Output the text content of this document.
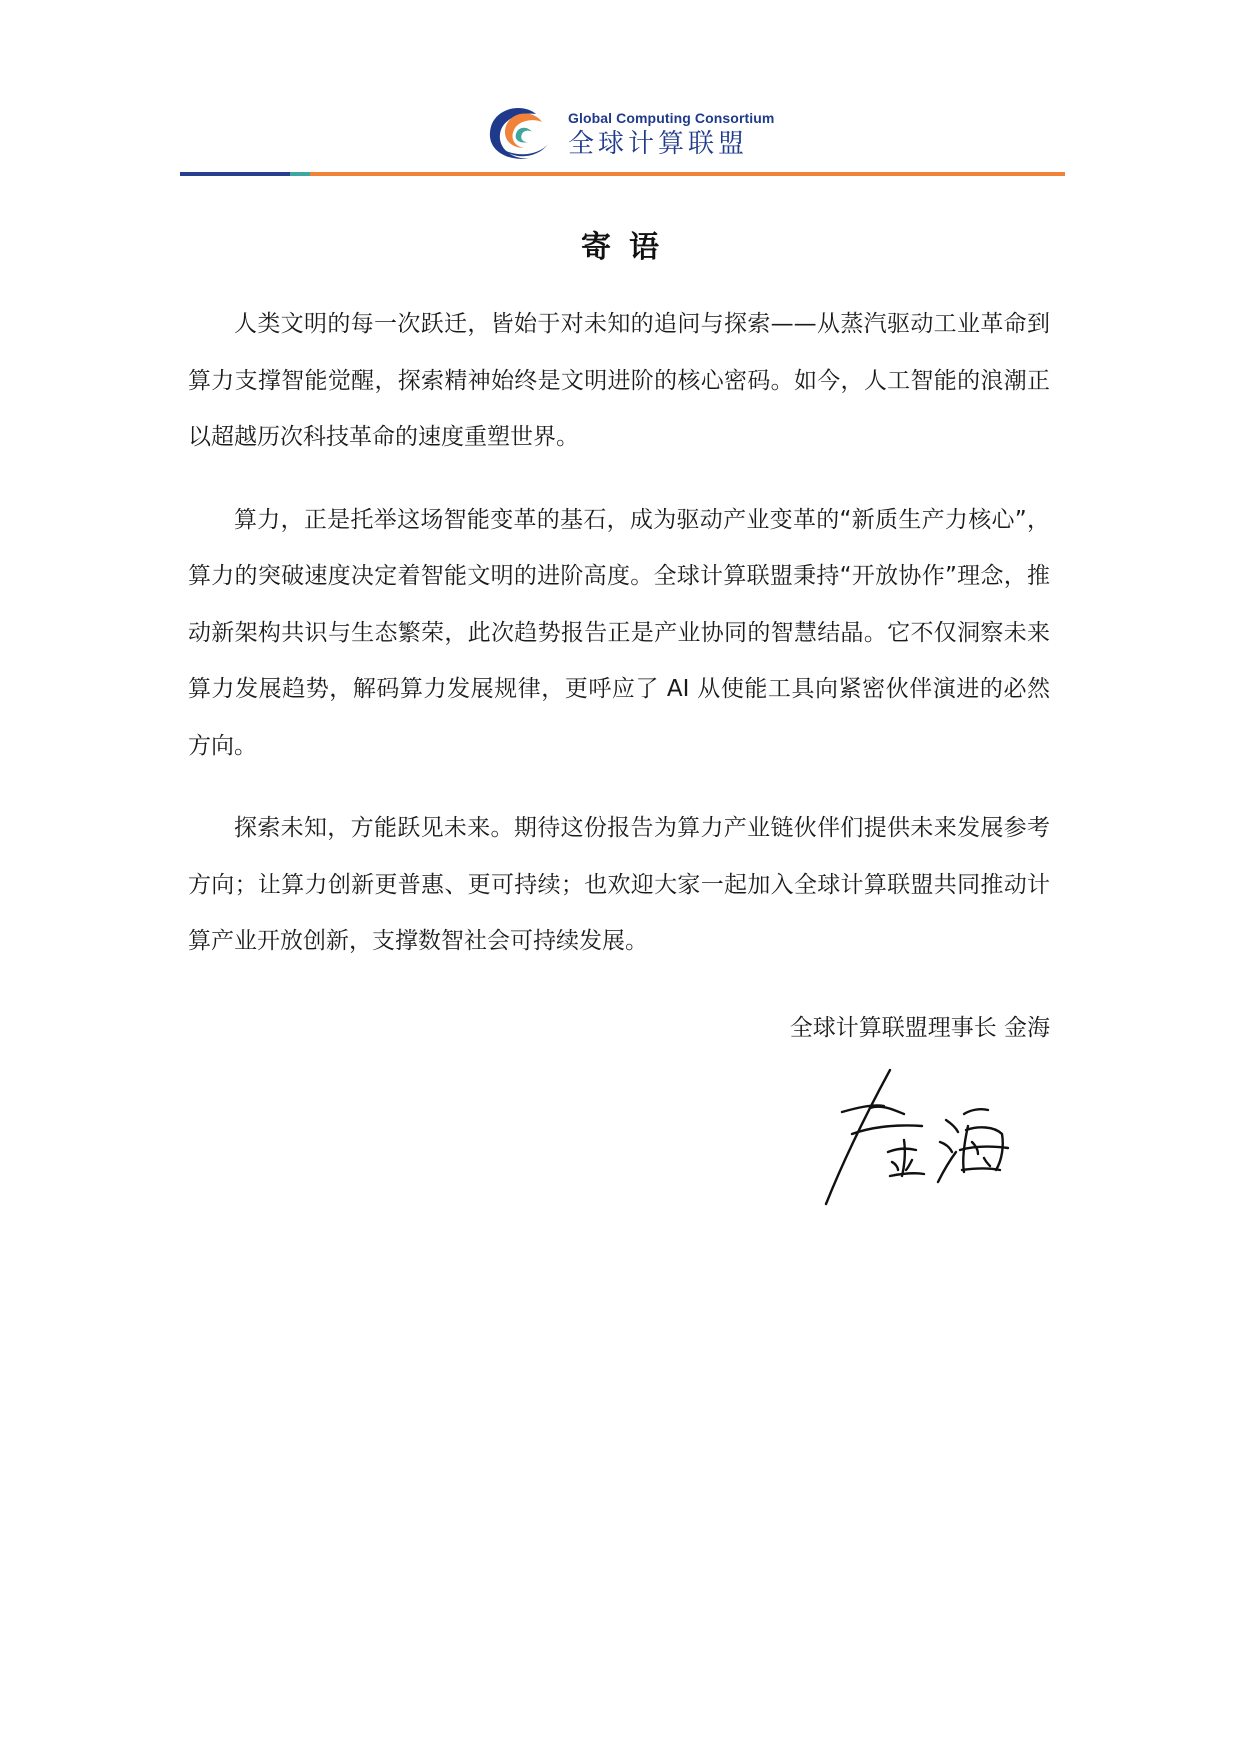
Global Computing Consortium
全球计算联盟
寄语

人类文明的每一次跃迁，皆始于对未知的追问与探索——从蒸汽驱动工业革命到算力支撑智能觉醒，探索精神始终是文明进阶的核心密码。如今，人工智能的浪潮正以超越历次科技革命的速度重塑世界。

算力，正是托举这场智能变革的基石，成为驱动产业变革的“新质生产力核心”，算力的突破速度决定着智能文明的进阶高度。全球计算联盟秉持“开放协作”理念，推动新架构共识与生态繁荣，此次趋势报告正是产业协同的智慧结晶。它不仅洞察未来算力发展趋势，解码算力发展规律，更呼应了 AI 从使能工具向紧密伙伴演进的必然方向。

探索未知，方能跃见未来。期待这份报告为算力产业链伙伴们提供未来发展参考方向；让算力创新更普惠、更可持续；也欢迎大家一起加入全球计算联盟共同推动计算产业开放创新，支撑数智社会可持续发展。

全球计算联盟理事长 金海
